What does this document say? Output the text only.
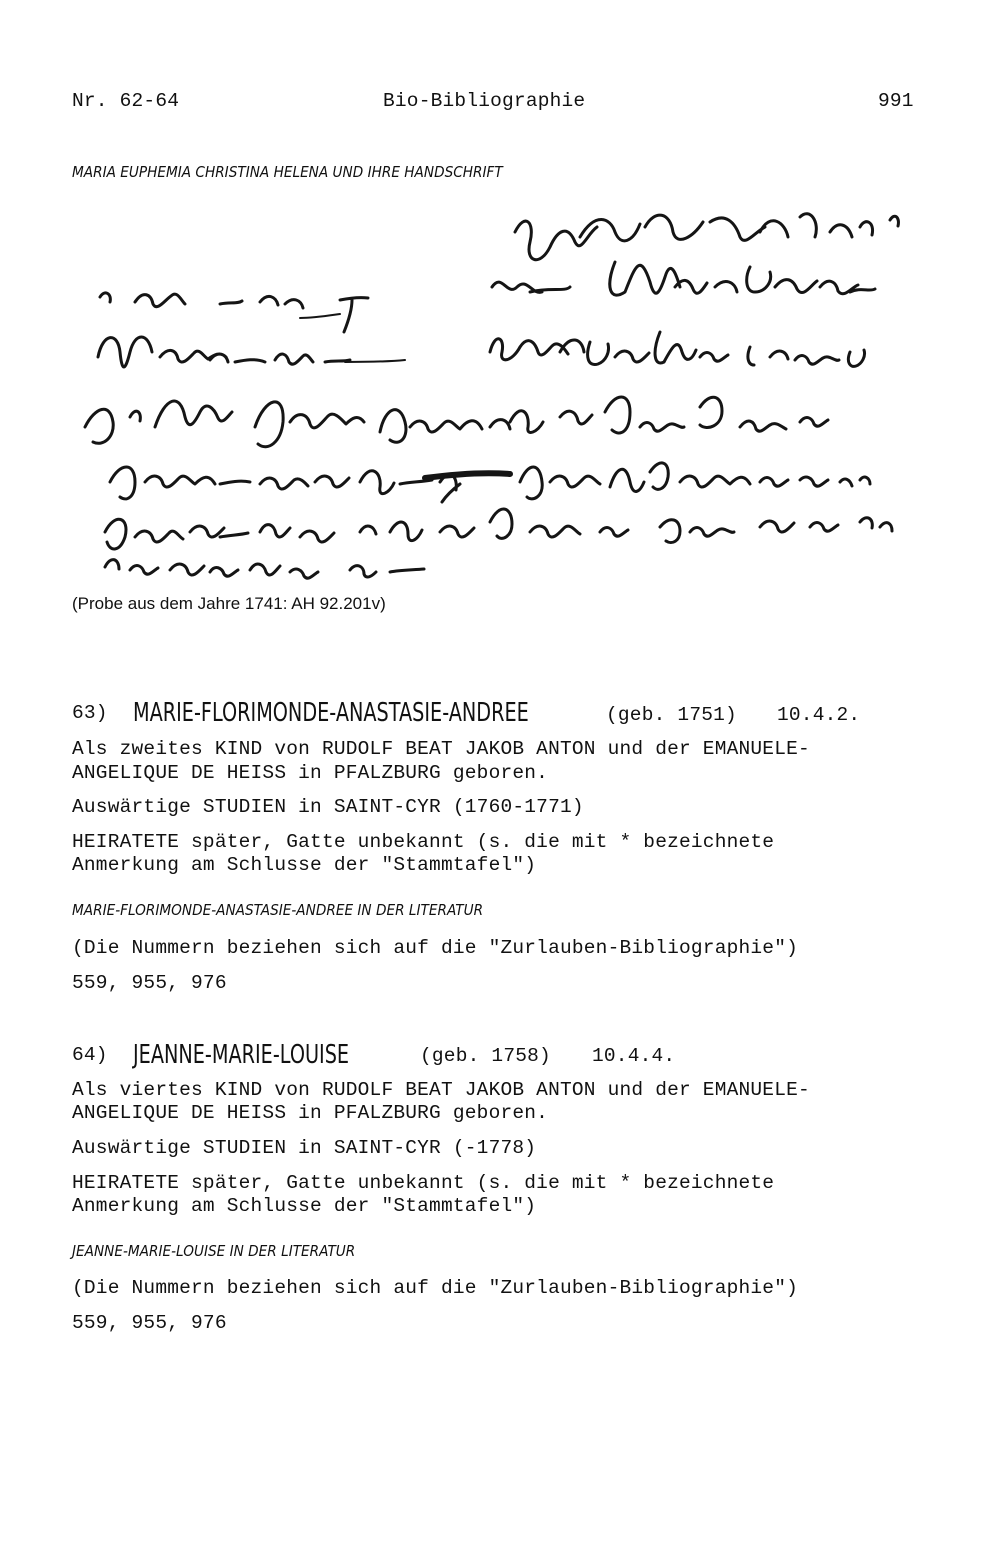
Nr. 62-64	Bio-Bibliographie	991
MARIA EUPHEMIA CHRISTINA HELENA UND IHRE HANDSCHRIFT
(Probe aus dem Jahre 1741: AH 92.201v)
63) MARIE-FLORIMONDE-ANASTASIE-ANDREE	(geb. 1751) 10.4.2.
Als zweites KIND von RUDOLF BEAT JAKOB ANTON und der EMANUELE-
ANGELIQUE DE HEISS in PFALZBURG geboren.
Auswärtige STUDIEN in SAINT-CYR (1760-1771)
HEIRATETE später, Gatte unbekannt (s. die mit * bezeichnete
Anmerkung am Schlusse der "Stammtafel")
MARIE-FLORIMONDE-ANASTASIE-ANDREE IN DER LITERATUR
(Die Nummern beziehen sich auf die "Zurlauben-Bibliographie")
559, 955, 976
64) JEANNE-MARIE-LOUISE	(geb. 1758) 10.4.4.
Als viertes KIND von RUDOLF BEAT JAKOB ANTON und der EMANUELE-
ANGELIQUE DE HEISS in PFALZBURG geboren.
Auswärtige STUDIEN in SAINT-CYR (-1778)
HEIRATETE später, Gatte unbekannt (s. die mit * bezeichnete
Anmerkung am Schlusse der "Stammtafel")
JEANNE-MARIE-LOUISE IN DER LITERATUR
(Die Nummern beziehen sich auf die "Zurlauben-Bibliographie")
559, 955, 976
